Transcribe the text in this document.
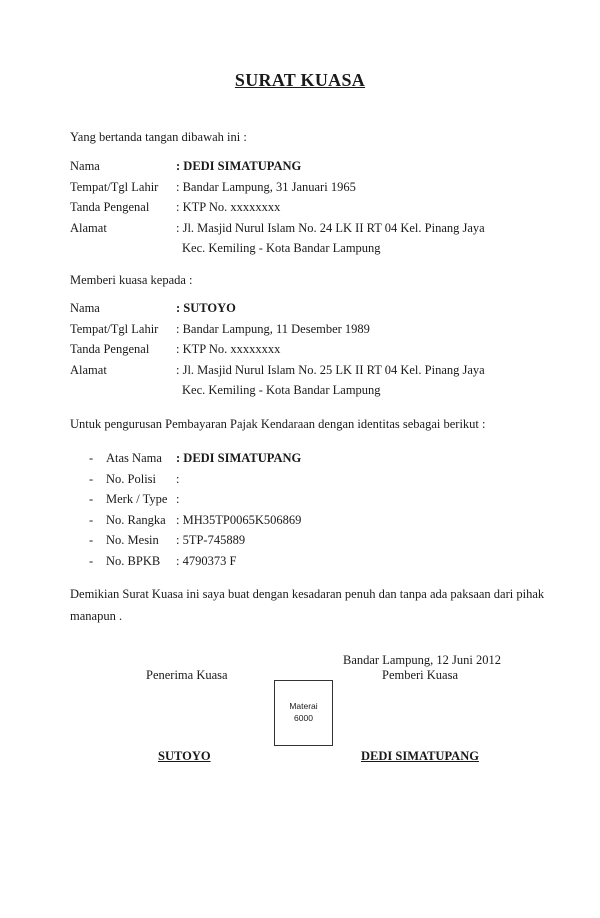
SURAT KUASA
Yang bertanda tangan dibawah ini :
Nama	: DEDI SIMATUPANG
Tempat/Tgl Lahir : Bandar Lampung, 31 Januari 1965
Tanda Pengenal : KTP No. xxxxxxxx
Alamat	: Jl. Masjid Nurul Islam No. 24 LK II RT 04 Kel. Pinang Jaya
Kec. Kemiling - Kota Bandar Lampung
Memberi kuasa kepada :
Nama	: SUTOYO
Tempat/Tgl Lahir : Bandar Lampung, 11 Desember 1989
Tanda Pengenal : KTP No. xxxxxxxx
Alamat	: Jl. Masjid Nurul Islam No. 25 LK II RT 04 Kel. Pinang Jaya
Kec. Kemiling - Kota Bandar Lampung
Untuk pengurusan Pembayaran Pajak Kendaraan dengan identitas sebagai berikut :
- Atas Nama : DEDI SIMATUPANG
- No. Polisi :
- Merk / Type :
- No. Rangka : MH35TP0065K506869
- No. Mesin : 5TP-745889
- No. BPKB : 4790373 F
Demikian Surat Kuasa ini saya buat dengan kesadaran penuh dan tanpa ada paksaan dari pihak
manapun .
Bandar Lampung, 12 Juni 2012
Penerima Kuasa	Pemberi Kuasa
Materai
6000
SUTOYO	DEDI SIMATUPANG
